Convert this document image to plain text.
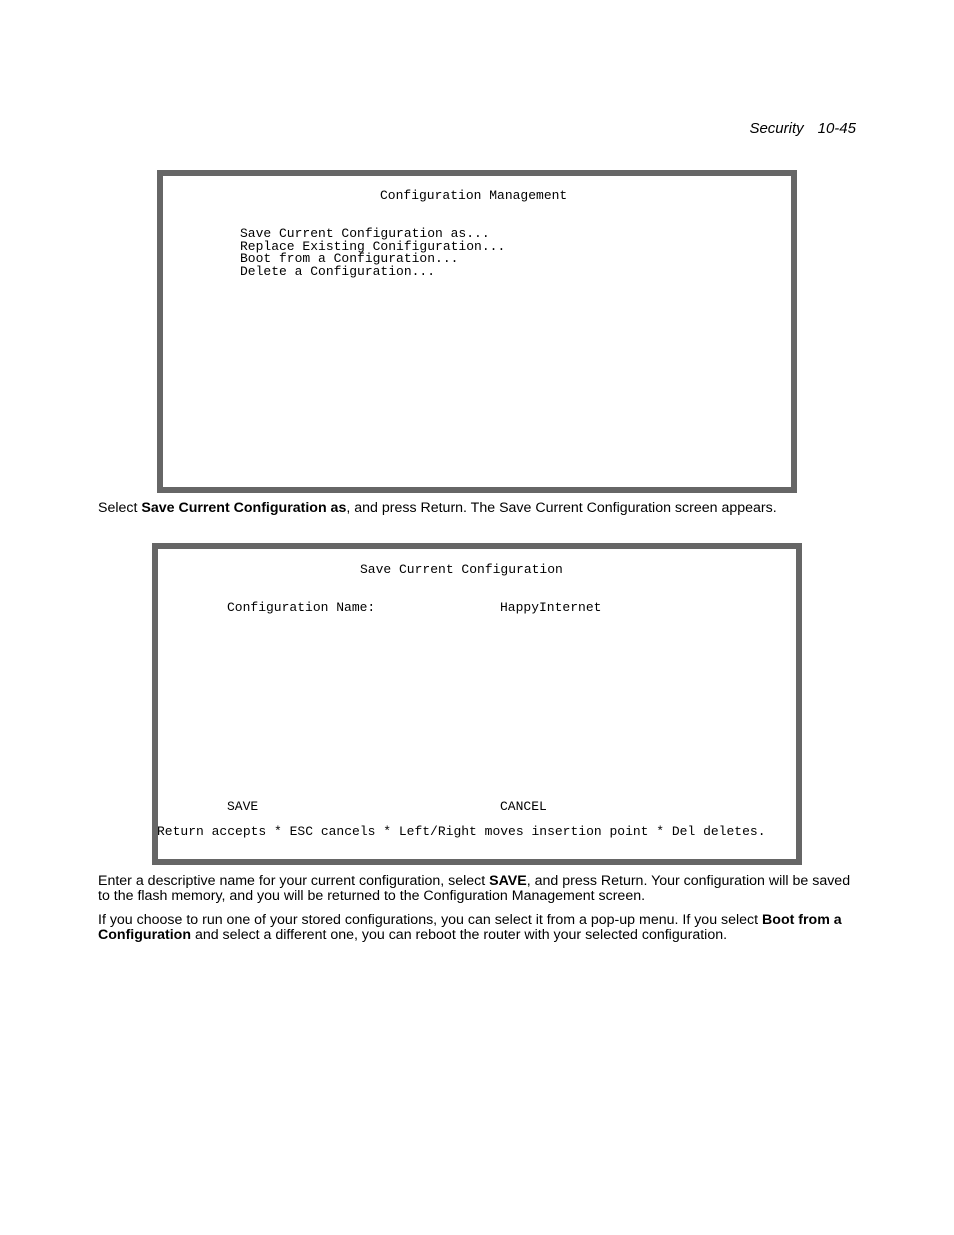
Security 10-45
Configuration Management
Save Current Configuration as...
Replace Existing Conifiguration...
Boot from a Configuration...
Delete a Configuration...

Select Save Current Configuration as, and press Return. The Save Current Configuration screen appears.

Save Current Configuration
Configuration Name:	HappyInternet
SAVE	CANCEL
Return accepts * ESC cancels * Left/Right moves insertion point * Del deletes.

Enter a descriptive name for your current configuration, select SAVE, and press Return. Your configuration will be saved to the flash memory, and you will be returned to the Configuration Management screen.

If you choose to run one of your stored configurations, you can select it from a pop-up menu. If you select Boot from a Configuration and select a different one, you can reboot the router with your selected configuration.
